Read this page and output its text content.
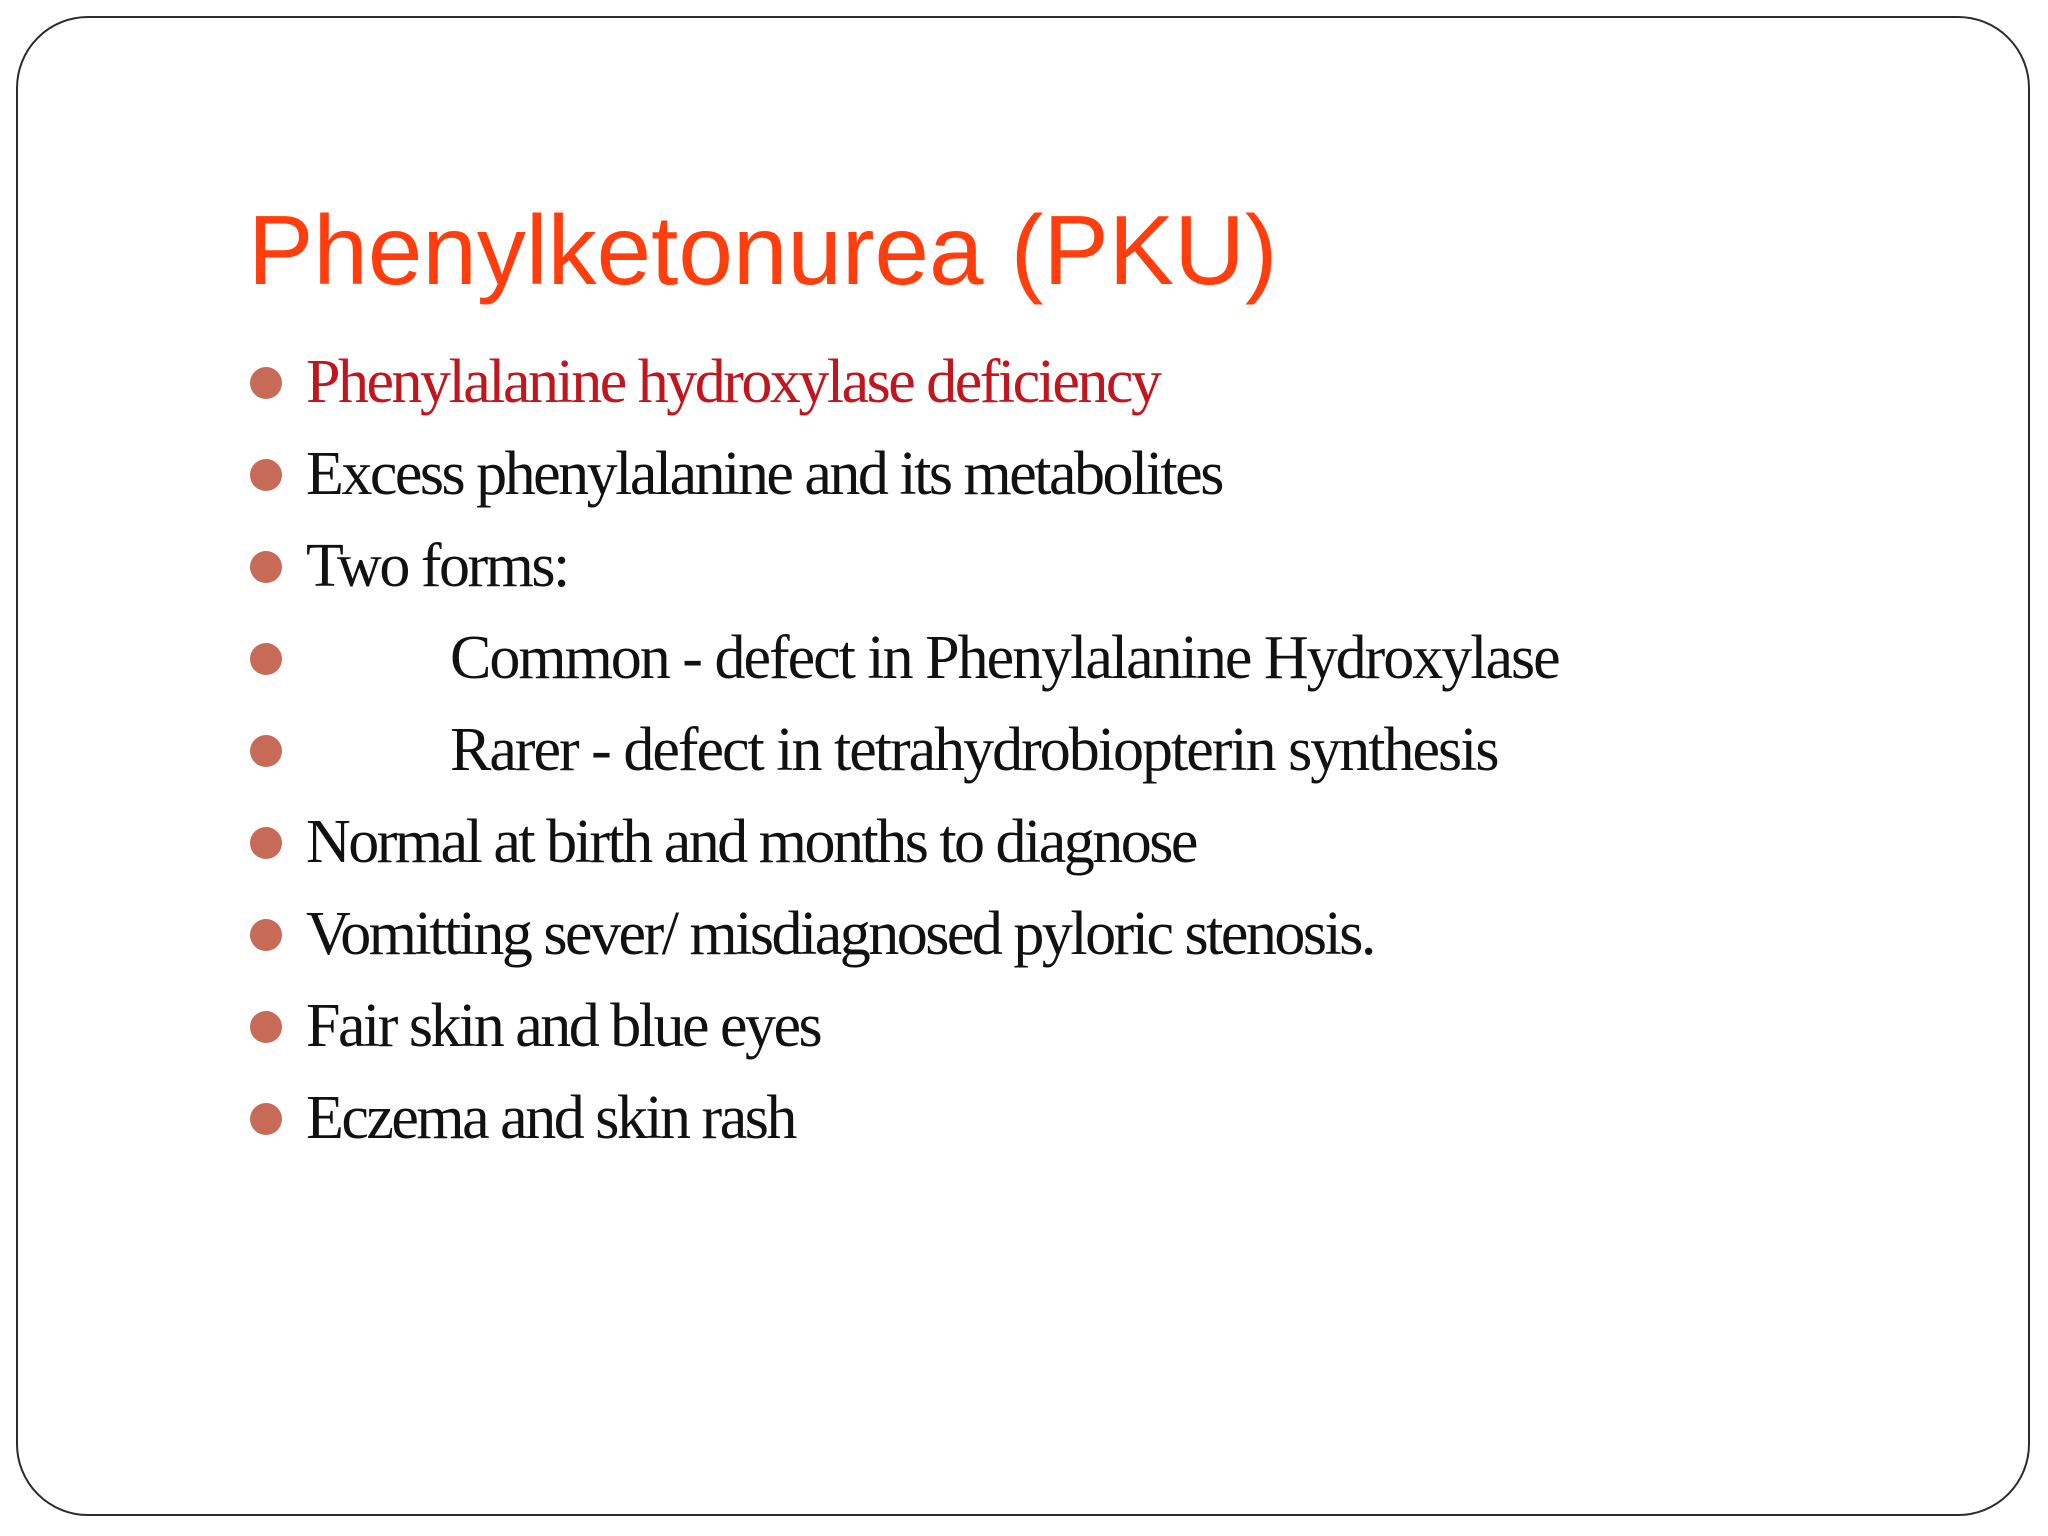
Phenylketonurea (PKU)
Phenylalanine hydroxylase deficiency
Excess phenylalanine and its metabolites
Two forms:
Common - defect in Phenylalanine Hydroxylase
Rarer - defect in tetrahydrobiopterin synthesis
Normal at birth and months to diagnose
Vomitting sever/ misdiagnosed pyloric stenosis.
Fair skin and blue eyes
Eczema and skin rash
